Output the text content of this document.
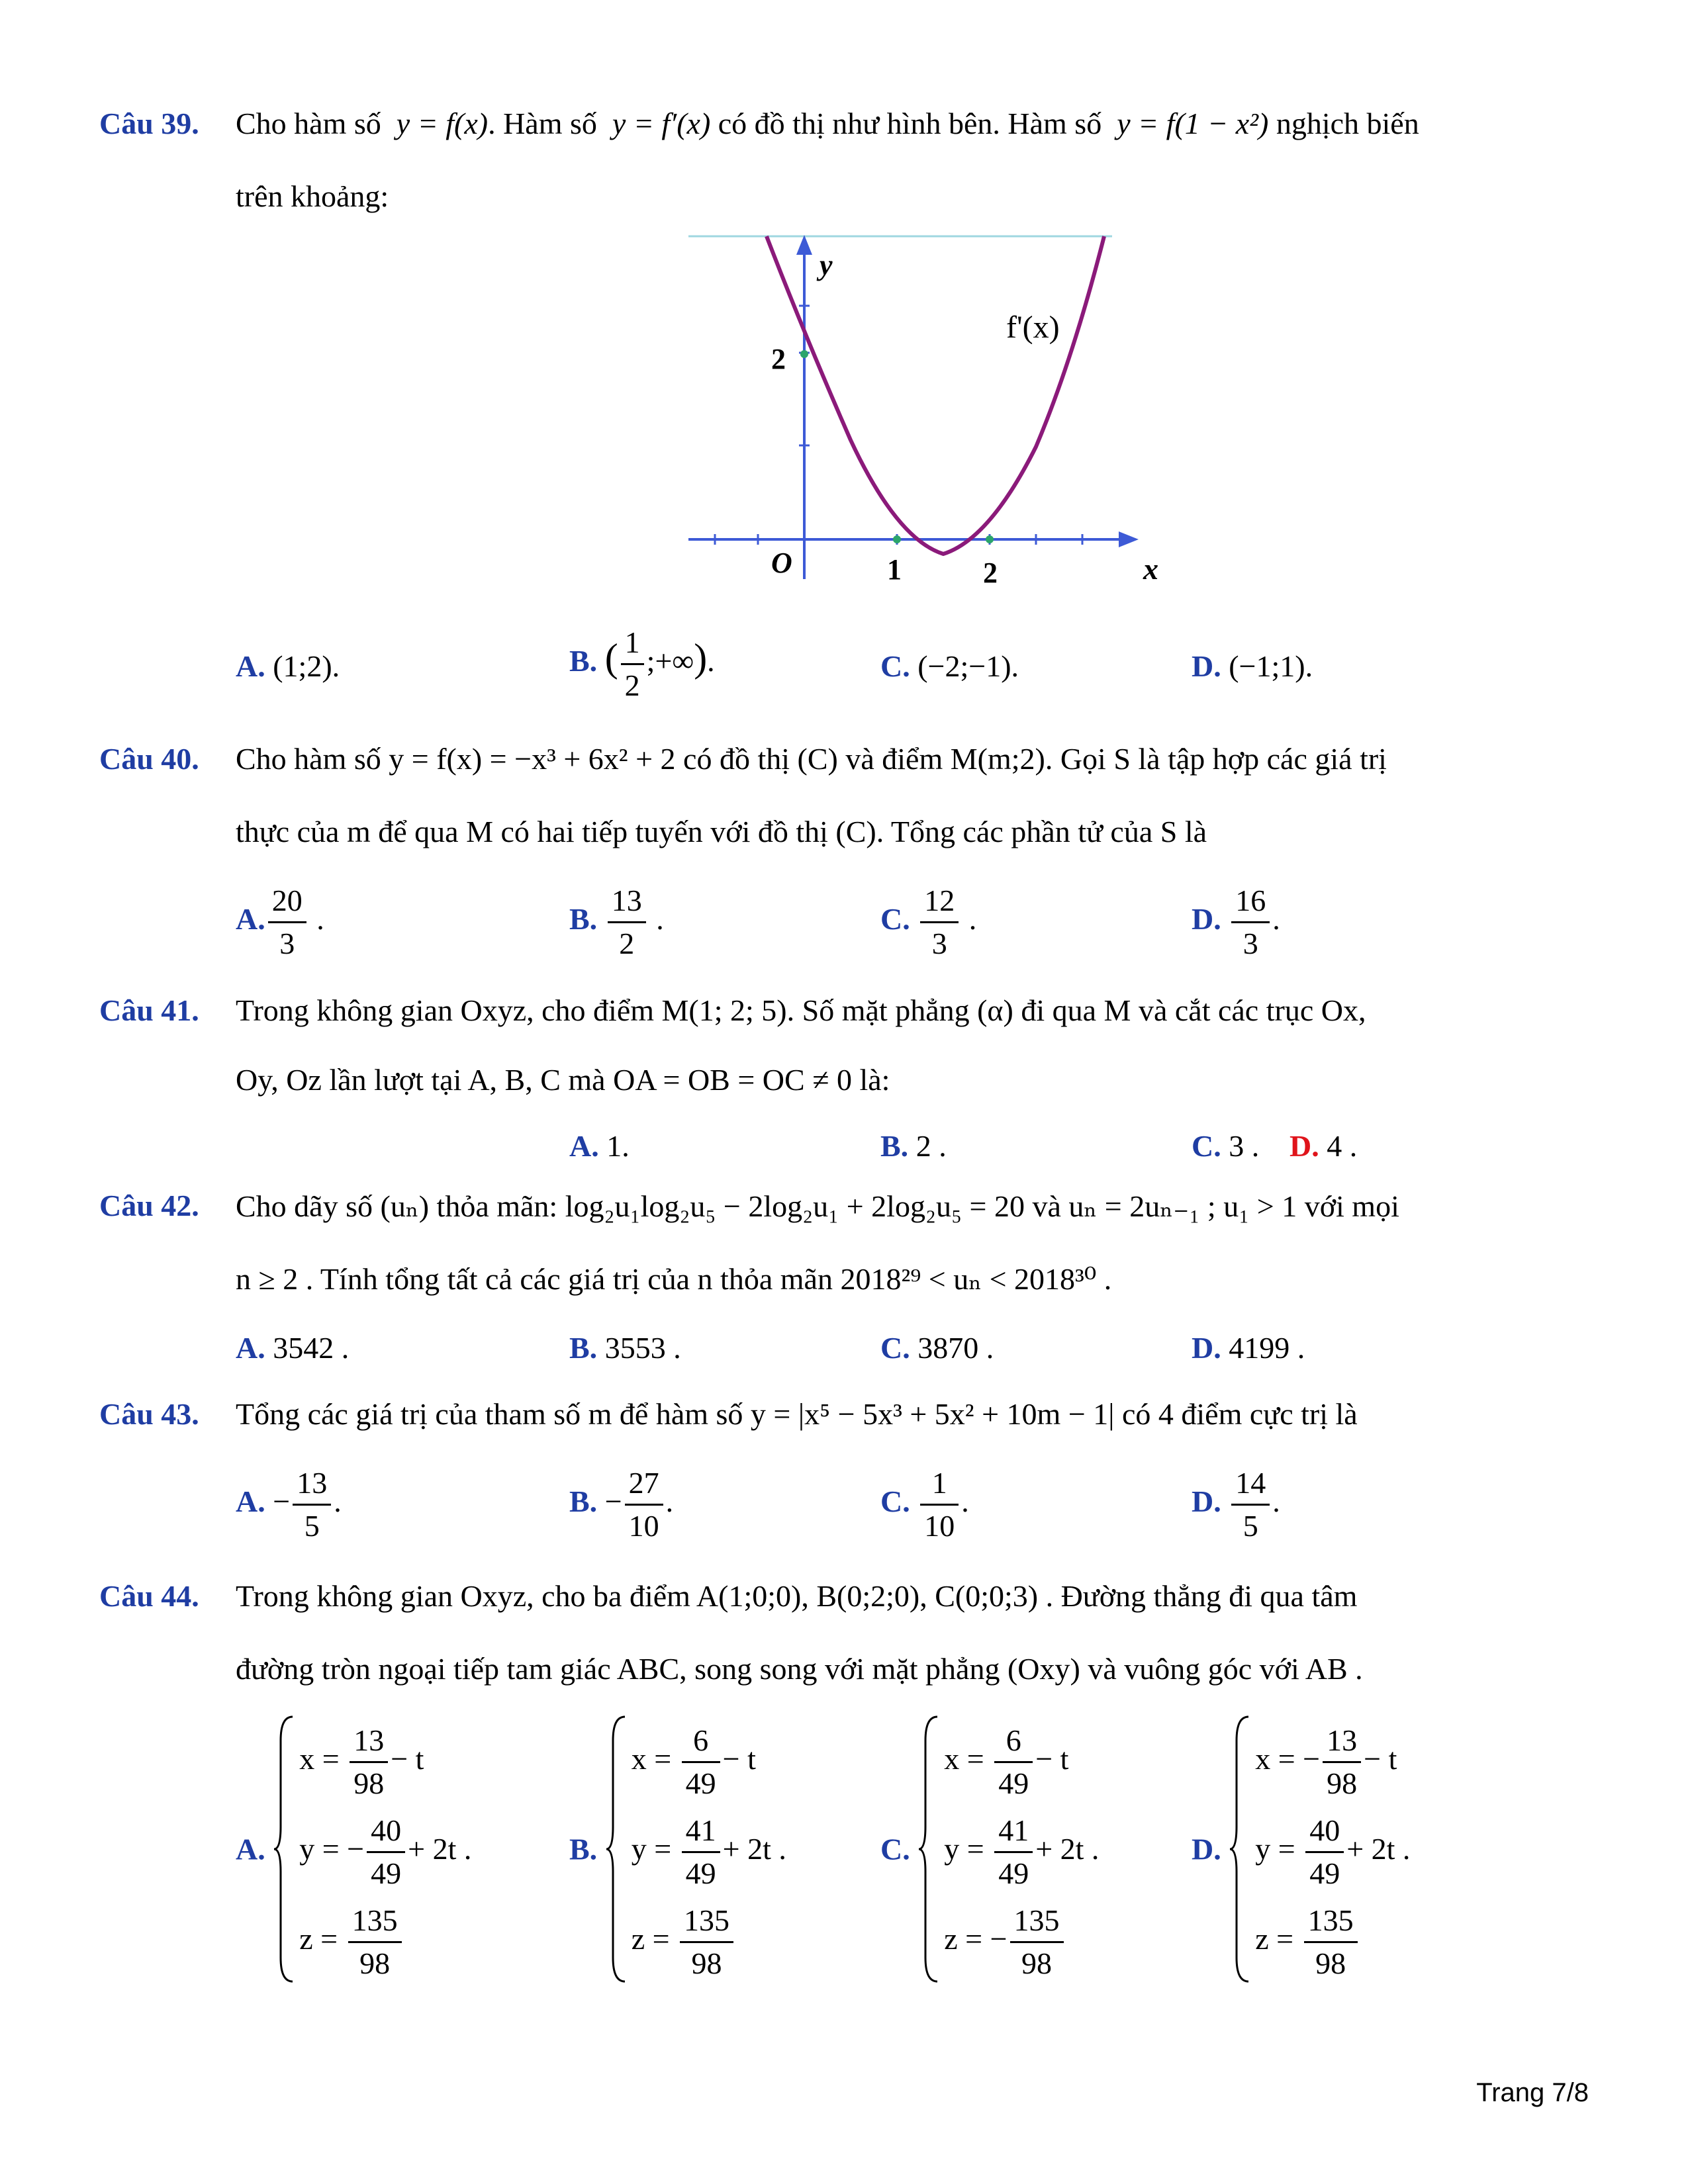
Câu 39. Cho hàm số y = f(x). Hàm số y = f′(x) có đồ thị như hình bên. Hàm số y = f(1 − x²) nghịch biến
trên khoảng:
y
x
O
2
1	2
f'(x)
A. (1;2).	B. ( $\frac{1}{2}$ ;+∞).	C. (−2;−1).	D. (−1;1).
Câu 40. Cho hàm số y = f(x) = −x³ + 6x² + 2 có đồ thị (C) và điểm M(m;2). Gọi S là tập hợp các giá trị
thực của m để qua M có hai tiếp tuyến với đồ thị (C). Tổng các phần tử của S là
A. $\frac{20}{3}$ .	B. $\frac{13}{2}$ .	C. $\frac{12}{3}$ .	D. $\frac{16}{3}$ .
Câu 41. Trong không gian Oxyz, cho điểm M(1; 2; 5). Số mặt phẳng (α) đi qua M và cắt các trục Ox,
Oy, Oz lần lượt tại A, B, C mà OA = OB = OC ≠ 0 là:
A. 1.	B. 2 .	C. 3 . D. 4 .
Câu 42. Cho dãy số (uₙ) thỏa mãn: log₂u₁log₂u₅ − 2log₂u₁ + 2log₂u₅ = 20 và uₙ = 2uₙ₋₁ ; u₁ > 1 với mọi
n ≥ 2 . Tính tổng tất cả các giá trị của n thỏa mãn 2018²⁹ < uₙ < 2018³⁰ .
A. 3542 .	B. 3553 .	C. 3870 .	D. 4199 .
Câu 43. Tổng các giá trị của tham số m để hàm số y = |x⁵ − 5x³ + 5x² + 10m − 1| có 4 điểm cực trị là
A. − $\frac{13}{5}$ .	B. − $\frac{27}{10}$ .	C. $\frac{1}{10}$ .	D. $\frac{14}{5}$ .
Câu 44. Trong không gian Oxyz, cho ba điểm A(1;0;0), B(0;2;0), C(0;0;3) . Đường thẳng đi qua tâm
đường tròn ngoại tiếp tam giác ABC, song song với mặt phẳng (Oxy) và vuông góc với AB .
A.
$x = \frac{13}{98} - t$
y = − $\frac{40}{49} + 2t$ .
$z = \frac{135}{98}$
B.
$x = \frac{6}{49} - t$
$y = \frac{41}{49} + 2t$ .
$z = \frac{135}{98}$
C.
$x = \frac{6}{49} - t$
$y = \frac{41}{49} + 2t$ .
z = − $\frac{135}{98}$
D.
x = − $\frac{13}{98} - t$
$y = \frac{40}{49} + 2t$ .
$z = \frac{135}{98}$
Trang 7/8
